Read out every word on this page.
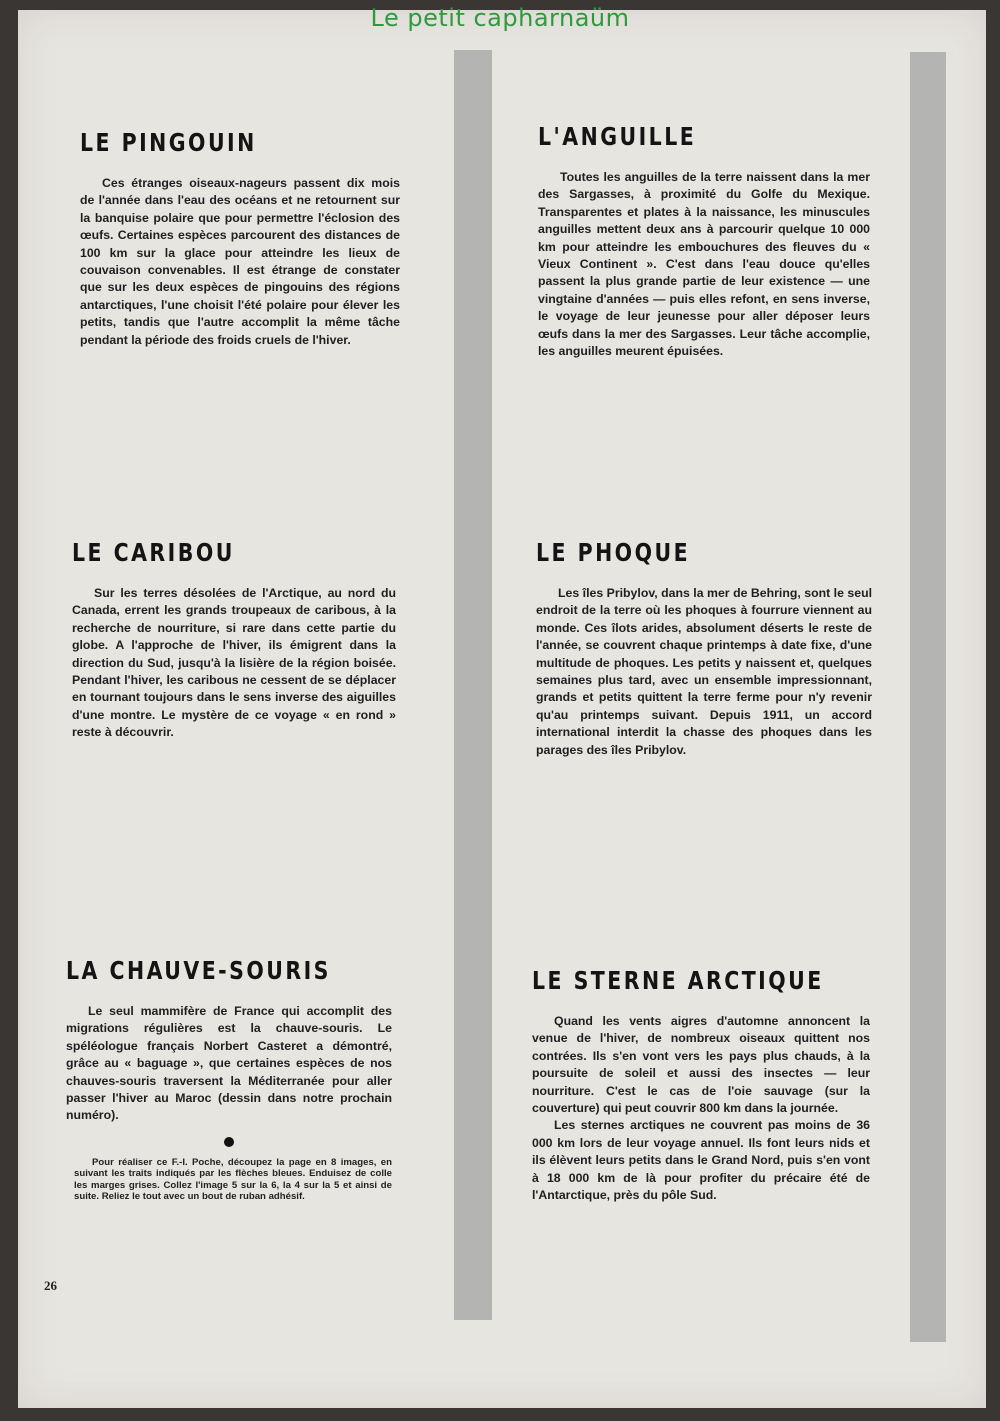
Le petit capharnaüm
LE PINGOUIN

Ces étranges oiseaux-nageurs passent dix mois de l'année dans l'eau des océans et ne retournent sur la banquise polaire que pour permettre l'éclosion des œufs. Certaines espèces parcourent des distances de 100 km sur la glace pour atteindre les lieux de couvaison convenables. Il est étrange de constater que sur les deux espèces de pingouins des régions antarctiques, l'une choisit l'été polaire pour élever les petits, tandis que l'autre accomplit la même tâche pendant la période des froids cruels de l'hiver.

L'ANGUILLE

Toutes les anguilles de la terre naissent dans la mer des Sargasses, à proximité du Golfe du Mexique. Transparentes et plates à la naissance, les minuscules anguilles mettent deux ans à parcourir quelque 10 000 km pour atteindre les embouchures des fleuves du « Vieux Continent ». C'est dans l'eau douce qu'elles passent la plus grande partie de leur existence — une vingtaine d'années — puis elles refont, en sens inverse, le voyage de leur jeunesse pour aller déposer leurs œufs dans la mer des Sargasses. Leur tâche accomplie, les anguilles meurent épuisées.

LE CARIBOU

Sur les terres désolées de l'Arctique, au nord du Canada, errent les grands troupeaux de caribous, à la recherche de nourriture, si rare dans cette partie du globe. A l'approche de l'hiver, ils émigrent dans la direction du Sud, jusqu'à la lisière de la région boisée. Pendant l'hiver, les caribous ne cessent de se déplacer en tournant toujours dans le sens inverse des aiguilles d'une montre. Le mystère de ce voyage « en rond » reste à découvrir.

LE PHOQUE

Les îles Pribylov, dans la mer de Behring, sont le seul endroit de la terre où les phoques à fourrure viennent au monde. Ces îlots arides, absolument déserts le reste de l'année, se couvrent chaque printemps à date fixe, d'une multitude de phoques. Les petits y naissent et, quelques semaines plus tard, avec un ensemble impressionnant, grands et petits quittent la terre ferme pour n'y revenir qu'au printemps suivant. Depuis 1911, un accord international interdit la chasse des phoques dans les parages des îles Pribylov.

LA CHAUVE-SOURIS

Le seul mammifère de France qui accomplit des migrations régulières est la chauve-souris. Le spéléologue français Norbert Casteret a démontré, grâce au « baguage », que certaines espèces de nos chauves-souris traversent la Méditerranée pour aller passer l'hiver au Maroc (dessin dans notre prochain numéro).

Pour réaliser ce F.-I. Poche, découpez la page en 8 images, en suivant les traits indiqués par les flèches bleues. Enduisez de colle les marges grises. Collez l'image 5 sur la 6, la 4 sur la 5 et ainsi de suite. Reliez le tout avec un bout de ruban adhésif.

LE STERNE ARCTIQUE

Quand les vents aigres d'automne annoncent la venue de l'hiver, de nombreux oiseaux quittent nos contrées. Ils s'en vont vers les pays plus chauds, à la poursuite de soleil et aussi des insectes — leur nourriture. C'est le cas de l'oie sauvage (sur la couverture) qui peut couvrir 800 km dans la journée.

Les sternes arctiques ne couvrent pas moins de 36 000 km lors de leur voyage annuel. Ils font leurs nids et ils élèvent leurs petits dans le Grand Nord, puis s'en vont à 18 000 km de là pour profiter du précaire été de l'Antarctique, près du pôle Sud.

26
